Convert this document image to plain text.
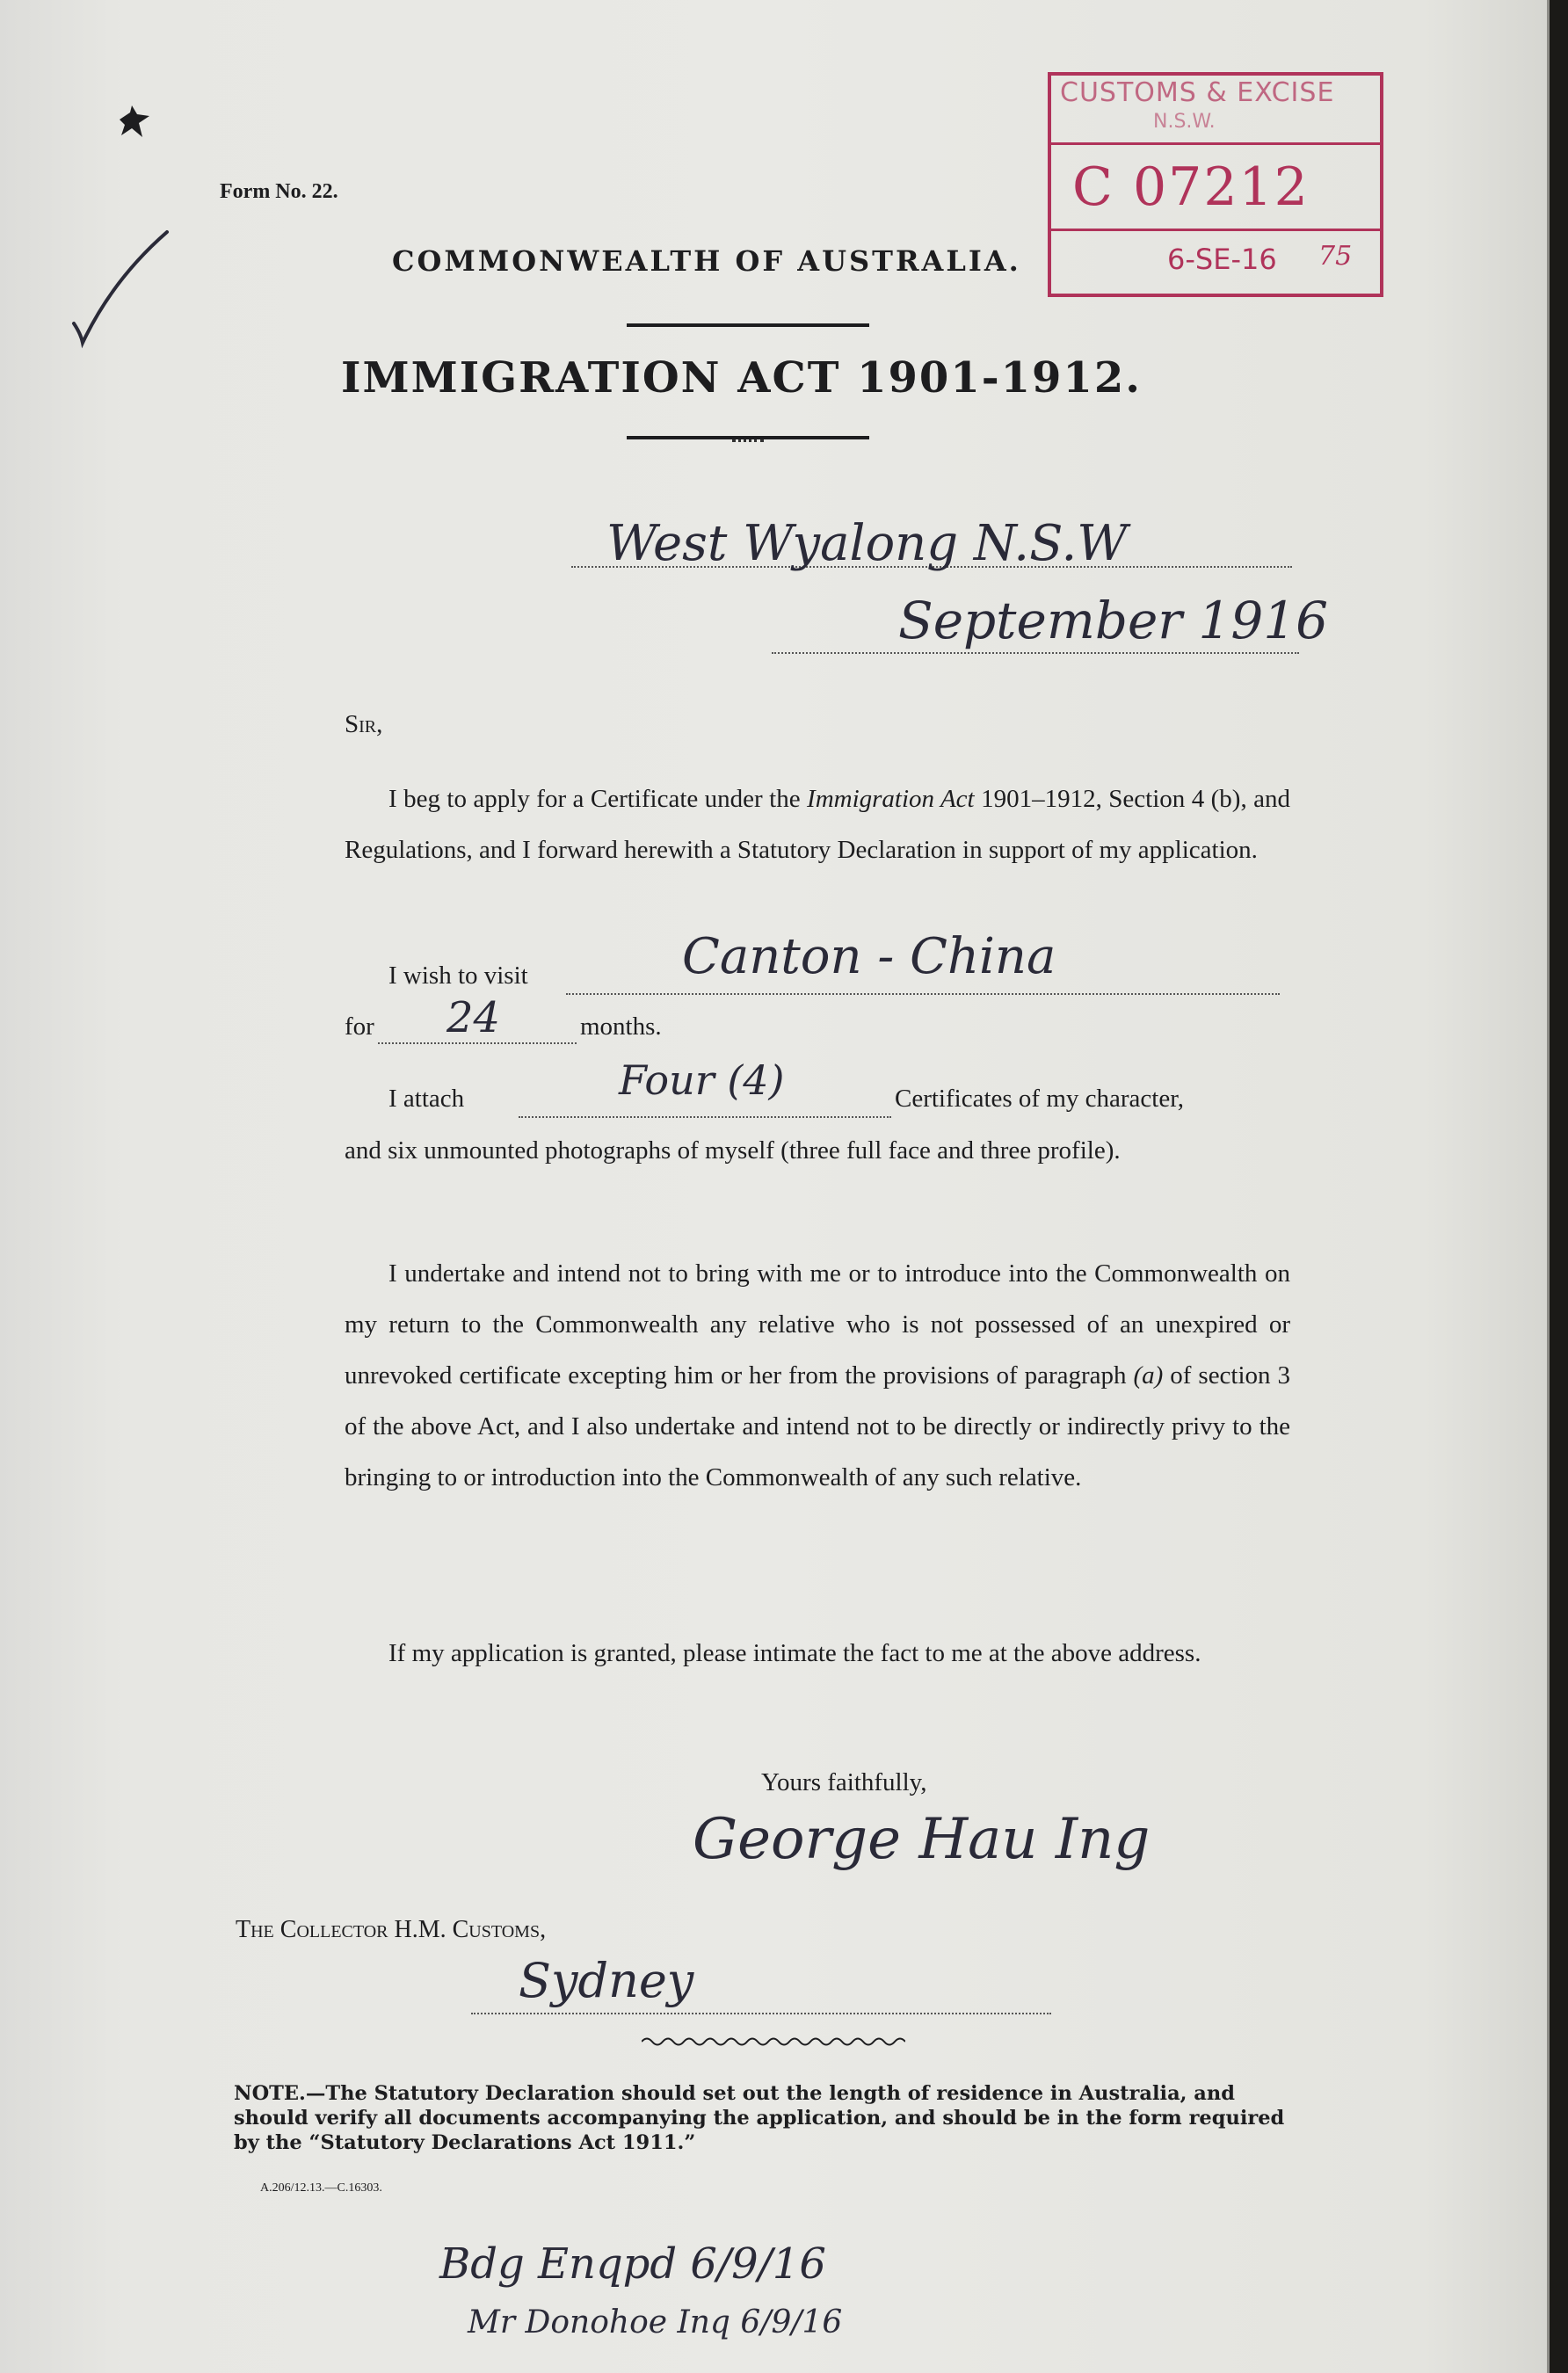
Form No. 22.
COMMONWEALTH OF AUSTRALIA.
IMMIGRATION ACT 1901-1912.
CUSTOMS & EXCISE
N.S.W.
C 07212
6-SE-16 75
West Wyalong N.S.W
September 1916
Sir,
I beg to apply for a Certificate under the Immigration Act 1901–1912, Section 4 (b), and Regulations, and I forward herewith a Statutory Declaration in support of my application.
I wish to visit	Canton - China
for 24	months.
I attach	Four (4)	Certificates of my character,
and six unmounted photographs of myself (three full face and three profile).
I undertake and intend not to bring with me or to introduce into the Commonwealth on my return to the Commonwealth any relative who is not possessed of an unexpired or unrevoked certificate excepting him or her from the provisions of paragraph (a) of section 3 of the above Act, and I also undertake and intend not to be directly or indirectly privy to the bringing to or introduction into the Commonwealth of any such relative.
If my application is granted, please intimate the fact to me at the above address.
Yours faithfully,
George Hau Ing
The Collector H.M. Customs,
Sydney
NOTE.—The Statutory Declaration should set out the length of residence in Australia, and should verify all documents accompanying the application, and should be in the form required by the “Statutory Declarations Act 1911.”
A.206/12.13.—C.16303.
Bdg Enqpd 6/9/16
Mr Donohoe Inq 6/9/16
